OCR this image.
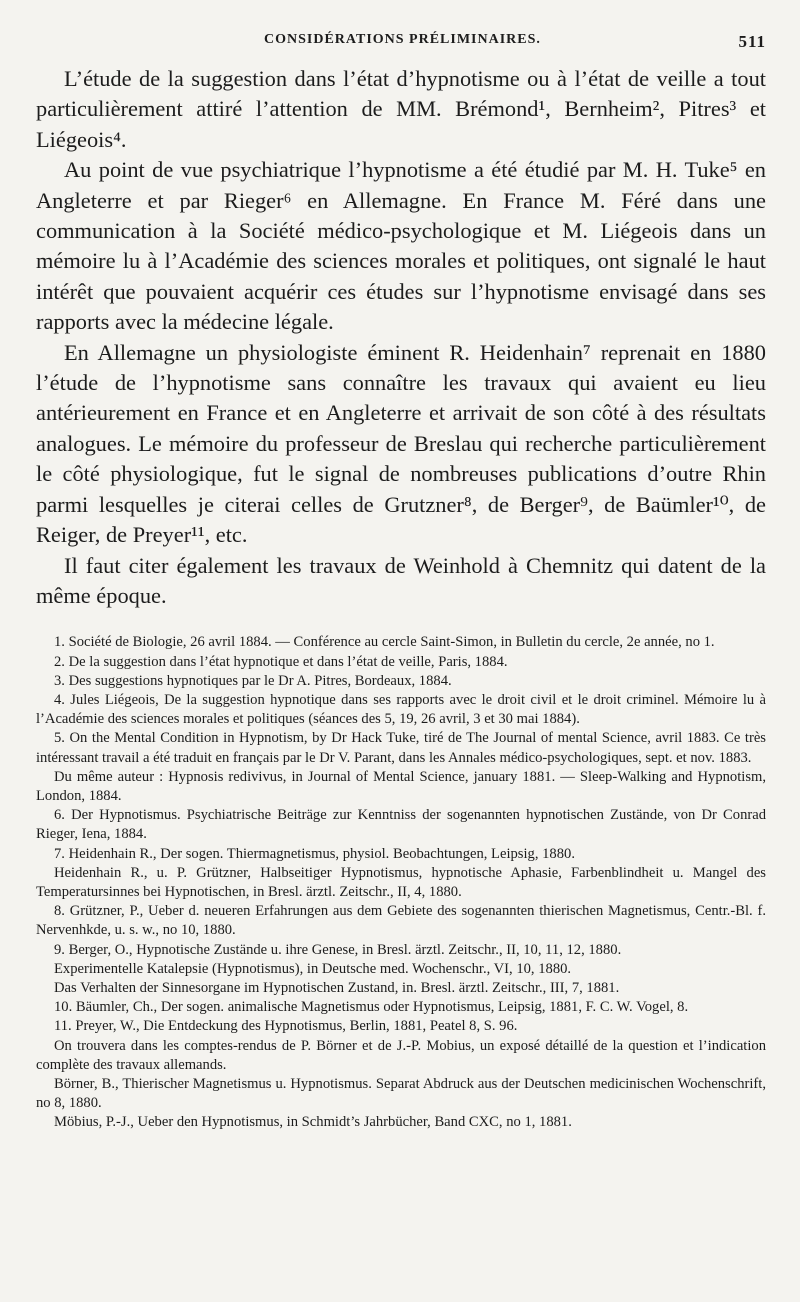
CONSIDÉRATIONS PRÉLIMINAIRES.	511

L’étude de la suggestion dans l’état d’hypnotisme ou à l’état de veille a tout particulièrement attiré l’attention de MM. Brémond¹, Bernheim², Pitres³ et Liégeois⁴.

Au point de vue psychiatrique l’hypnotisme a été étudié par M. H. Tuke⁵ en Angleterre et par Rieger⁶ en Allemagne. En France M. Féré dans une communication à la Société médico-psychologique et M. Liégeois dans un mémoire lu à l’Académie des sciences morales et politiques, ont signalé le haut intérêt que pouvaient acquérir ces études sur l’hypnotisme envisagé dans ses rapports avec la médecine légale.

En Allemagne un physiologiste éminent R. Heidenhain⁷ reprenait en 1880 l’étude de l’hypnotisme sans connaître les travaux qui avaient eu lieu antérieurement en France et en Angleterre et arrivait de son côté à des résultats analogues. Le mémoire du professeur de Breslau qui recherche particulièrement le côté physiologique, fut le signal de nombreuses publications d’outre Rhin parmi lesquelles je citerai celles de Grutzner⁸, de Berger⁹, de Baümler¹⁰, de Reiger, de Preyer¹¹, etc.

Il faut citer également les travaux de Weinhold à Chemnitz qui datent de la même époque.

1. Société de Biologie, 26 avril 1884. — Conférence au cercle Saint-Simon, in Bulletin du cercle, 2e année, no 1.

2. De la suggestion dans l’état hypnotique et dans l’état de veille, Paris, 1884.

3. Des suggestions hypnotiques par le Dr A. Pitres, Bordeaux, 1884.

4. Jules Liégeois, De la suggestion hypnotique dans ses rapports avec le droit civil et le droit criminel. Mémoire lu à l’Académie des sciences morales et politiques (séances des 5, 19, 26 avril, 3 et 30 mai 1884).

5. On the Mental Condition in Hypnotism, by Dr Hack Tuke, tiré de The Journal of mental Science, avril 1883. Ce très intéressant travail a été traduit en français par le Dr V. Parant, dans les Annales médico-psychologiques, sept. et nov. 1883.

Du même auteur : Hypnosis redivivus, in Journal of Mental Science, january 1881. — Sleep-Walking and Hypnotism, London, 1884.

6. Der Hypnotismus. Psychiatrische Beiträge zur Kenntniss der sogenannten hypnotischen Zustände, von Dr Conrad Rieger, Iena, 1884.

7. Heidenhain R., Der sogen. Thiermagnetismus, physiol. Beobachtungen, Leipsig, 1880.

Heidenhain R., u. P. Grützner, Halbseitiger Hypnotismus, hypnotische Aphasie, Farbenblindheit u. Mangel des Temperatursinnes bei Hypnotischen, in Bresl. ärztl. Zeitschr., II, 4, 1880.

8. Grützner, P., Ueber d. neueren Erfahrungen aus dem Gebiete des sogenannten thierischen Magnetismus, Centr.-Bl. f. Nervenhkde, u. s. w., no 10, 1880.

9. Berger, O., Hypnotische Zustände u. ihre Genese, in Bresl. ärztl. Zeitschr., II, 10, 11, 12, 1880.

Experimentelle Katalepsie (Hypnotismus), in Deutsche med. Wochenschr., VI, 10, 1880.

Das Verhalten der Sinnesorgane im Hypnotischen Zustand, in. Bresl. ärztl. Zeitschr., III, 7, 1881.

10. Bäumler, Ch., Der sogen. animalische Magnetismus oder Hypnotismus, Leipsig, 1881, F. C. W. Vogel, 8.

11. Preyer, W., Die Entdeckung des Hypnotismus, Berlin, 1881, Peatel 8, S. 96.

On trouvera dans les comptes-rendus de P. Börner et de J.-P. Mobius, un exposé détaillé de la question et l’indication complète des travaux allemands.

Börner, B., Thierischer Magnetismus u. Hypnotismus. Separat Abdruck aus der Deutschen medicinischen Wochenschrift, no 8, 1880.

Möbius, P.-J., Ueber den Hypnotismus, in Schmidt’s Jahrbücher, Band CXC, no 1, 1881.
